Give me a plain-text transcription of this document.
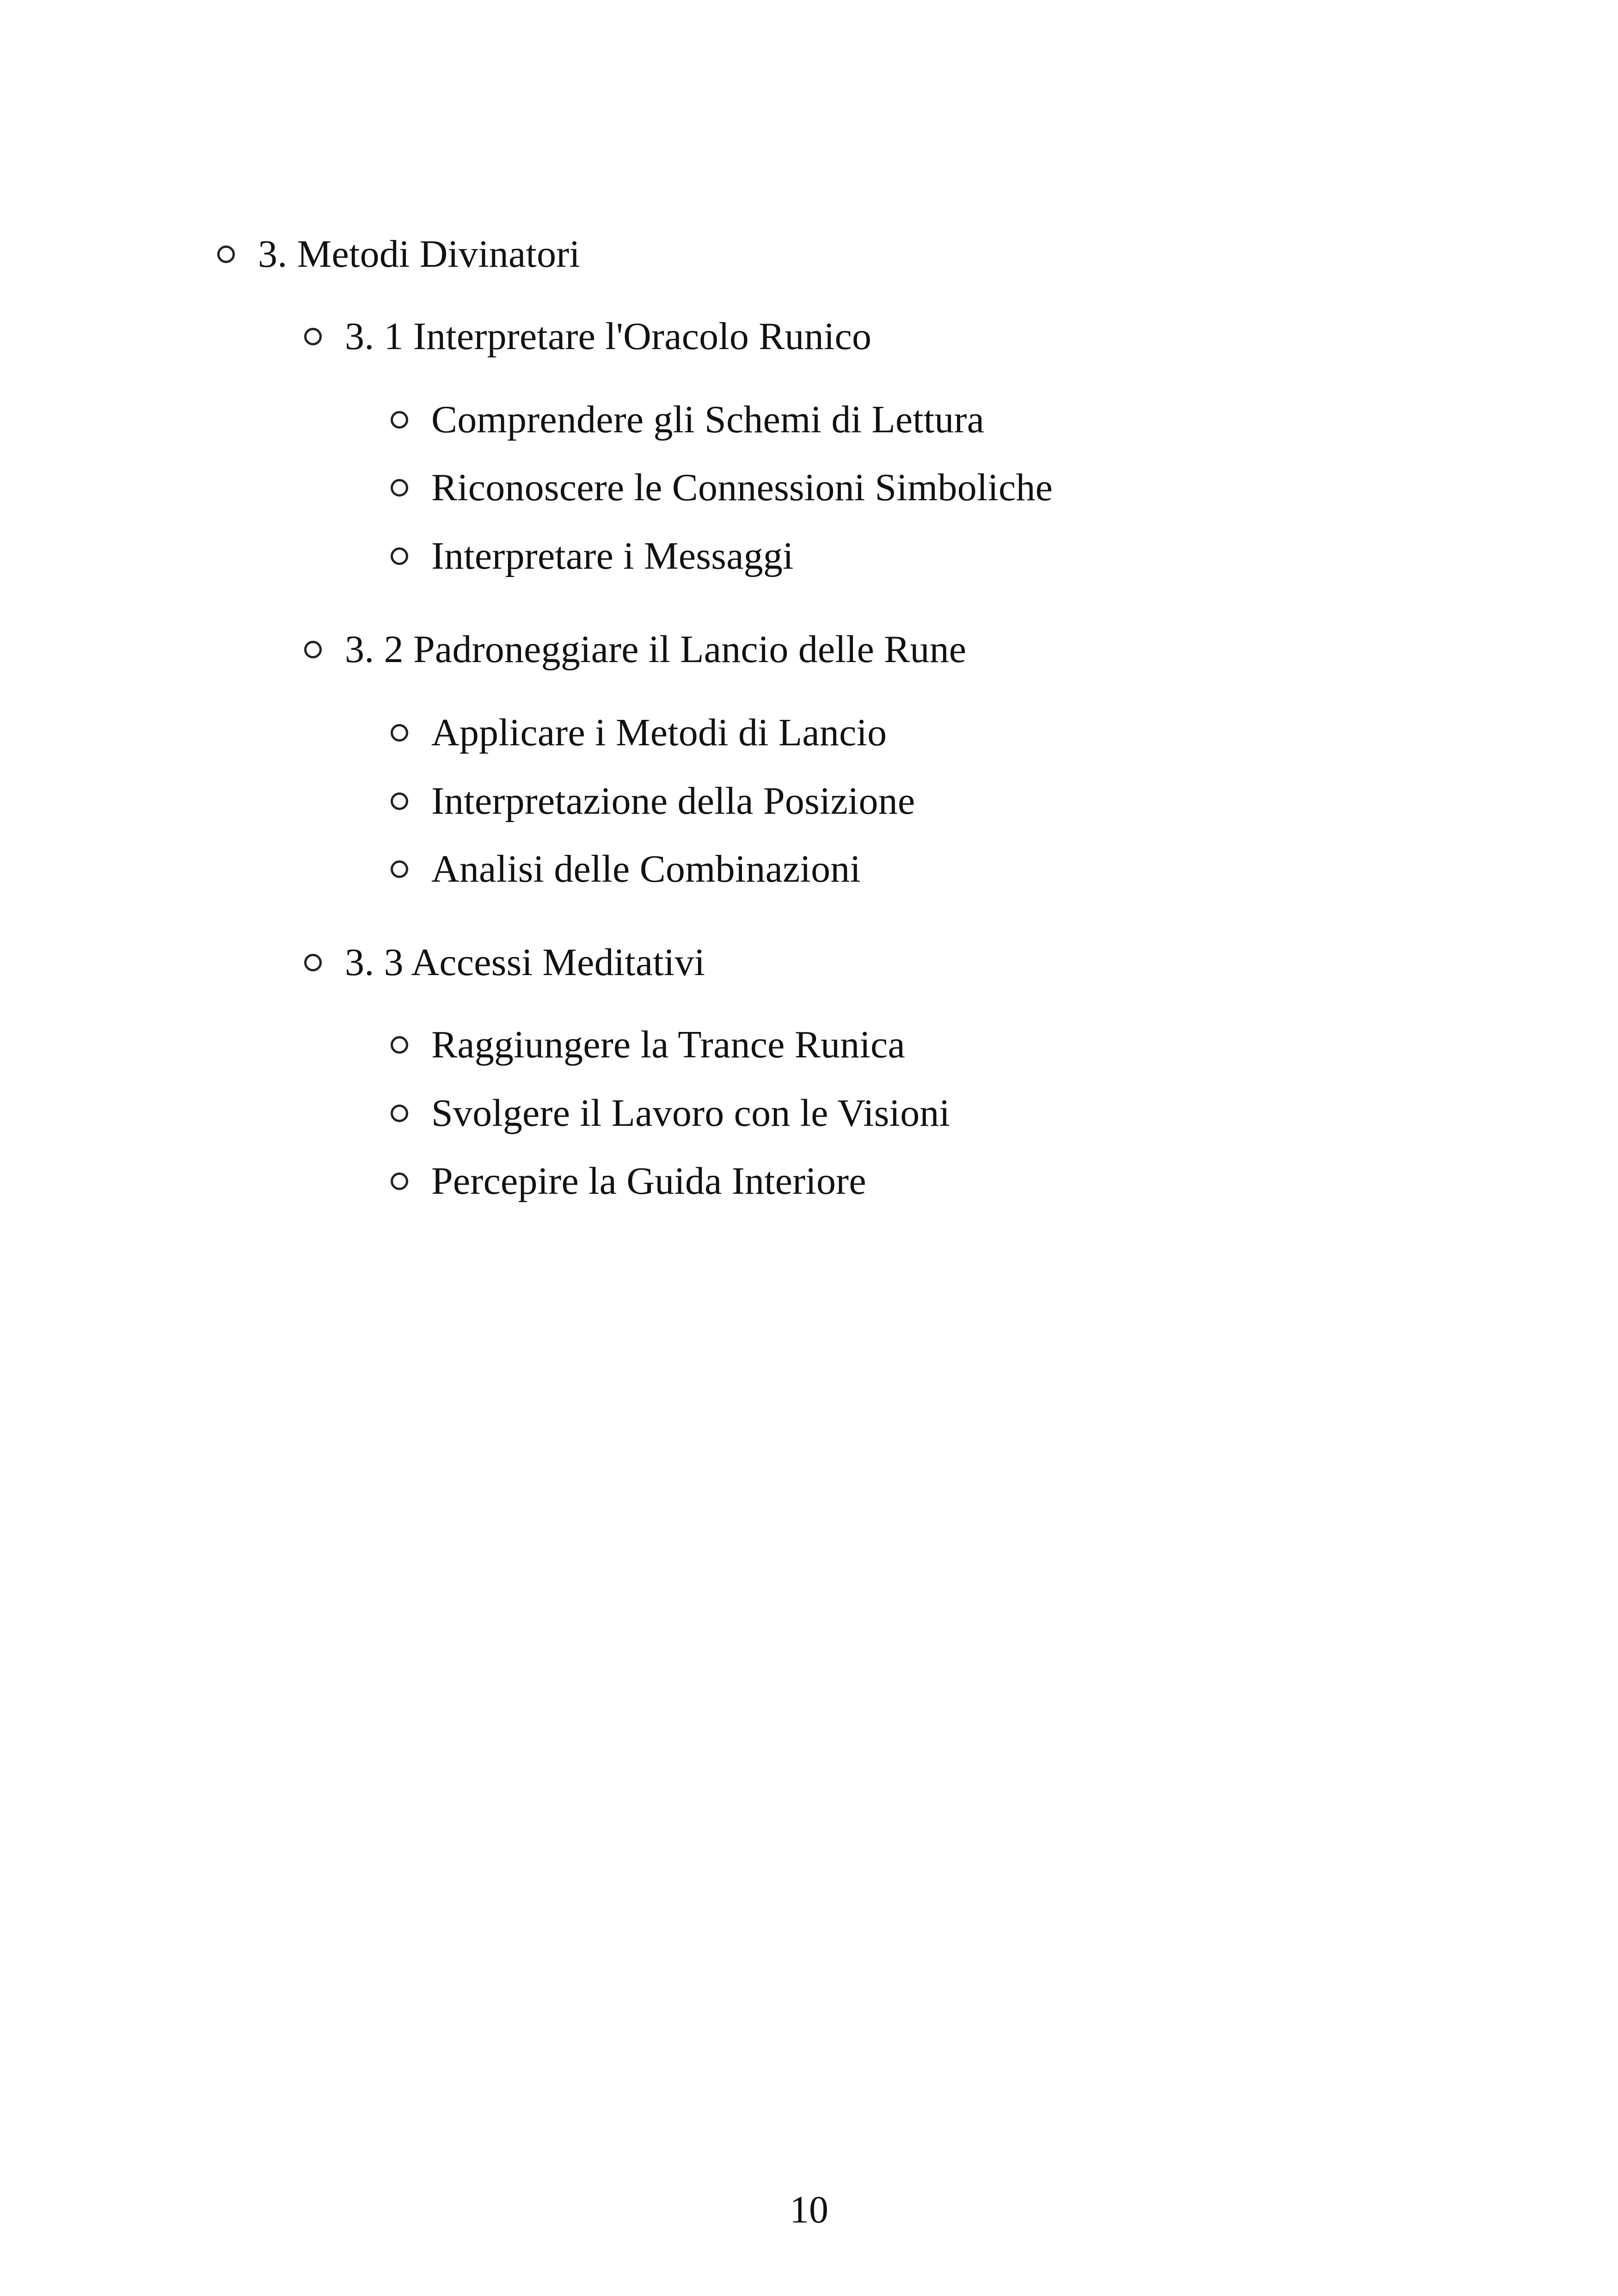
3. Metodi Divinatori
3. 1 Interpretare l'Oracolo Runico
Comprendere gli Schemi di Lettura
Riconoscere le Connessioni Simboliche
Interpretare i Messaggi
3. 2 Padroneggiare il Lancio delle Rune
Applicare i Metodi di Lancio
Interpretazione della Posizione
Analisi delle Combinazioni
3. 3 Accessi Meditativi
Raggiungere la Trance Runica
Svolgere il Lavoro con le Visioni
Percepire la Guida Interiore
10
